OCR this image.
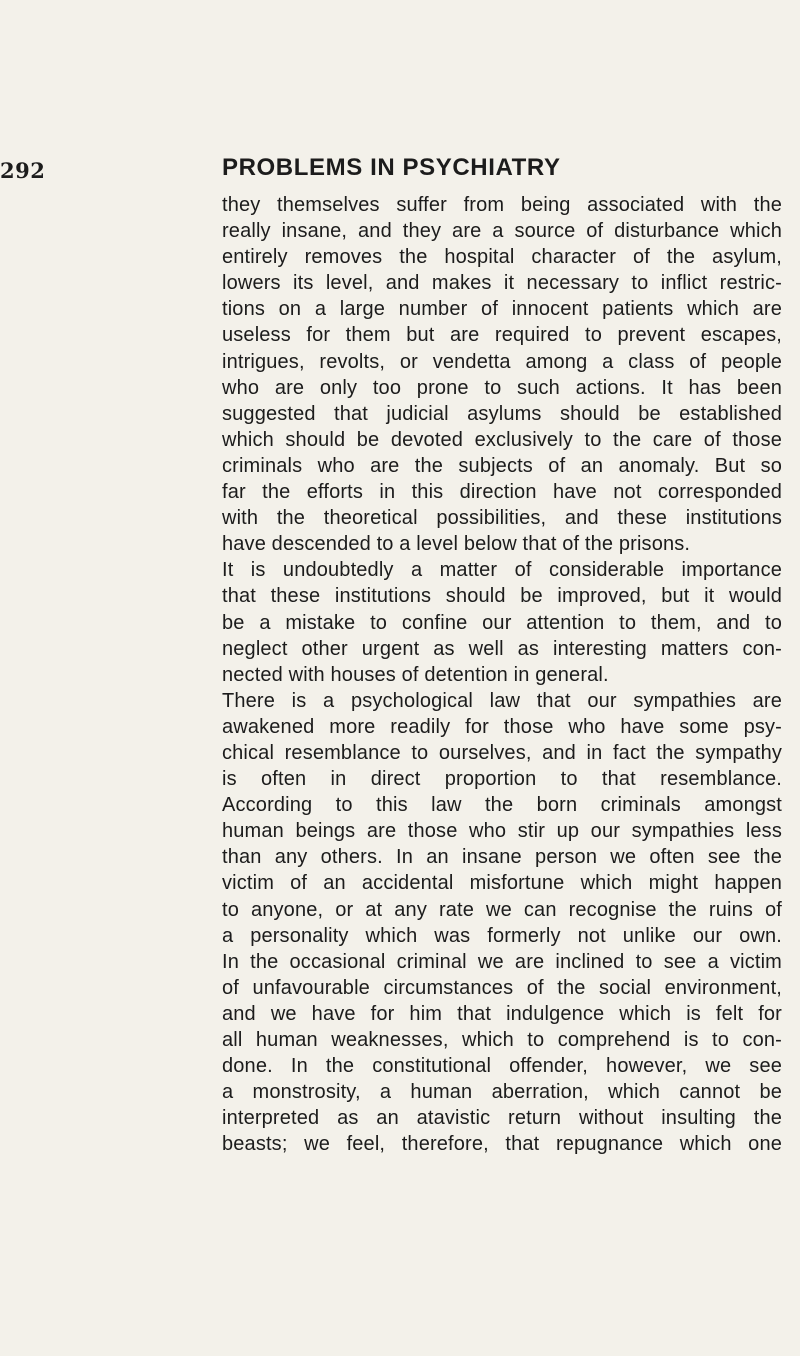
292	PROBLEMS IN PSYCHIATRY
they themselves suffer from being associated with the
really insane, and they are a source of disturbance which
entirely removes the hospital character of the asylum,
lowers its level, and makes it necessary to inflict restric-
tions on a large number of innocent patients which are
useless for them but are required to prevent escapes,
intrigues, revolts, or vendetta among a class of people
who are only too prone to such actions. It has been
suggested that judicial asylums should be established
which should be devoted exclusively to the care of those
criminals who are the subjects of an anomaly. But so
far the efforts in this direction have not corresponded
with the theoretical possibilities, and these institutions
have descended to a level below that of the prisons.
It is undoubtedly a matter of considerable importance
that these institutions should be improved, but it would
be a mistake to confine our attention to them, and to
neglect other urgent as well as interesting matters con-
nected with houses of detention in general.
There is a psychological law that our sympathies are
awakened more readily for those who have some psy-
chical resemblance to ourselves, and in fact the sympathy
is often in direct proportion to that resemblance.
According to this law the born criminals amongst
human beings are those who stir up our sympathies less
than any others. In an insane person we often see the
victim of an accidental misfortune which might happen
to anyone, or at any rate we can recognise the ruins of
a personality which was formerly not unlike our own.
In the occasional criminal we are inclined to see a victim
of unfavourable circumstances of the social environment,
and we have for him that indulgence which is felt for
all human weaknesses, which to comprehend is to con-
done. In the constitutional offender, however, we see
a monstrosity, a human aberration, which cannot be
interpreted as an atavistic return without insulting the
beasts; we feel, therefore, that repugnance which one
